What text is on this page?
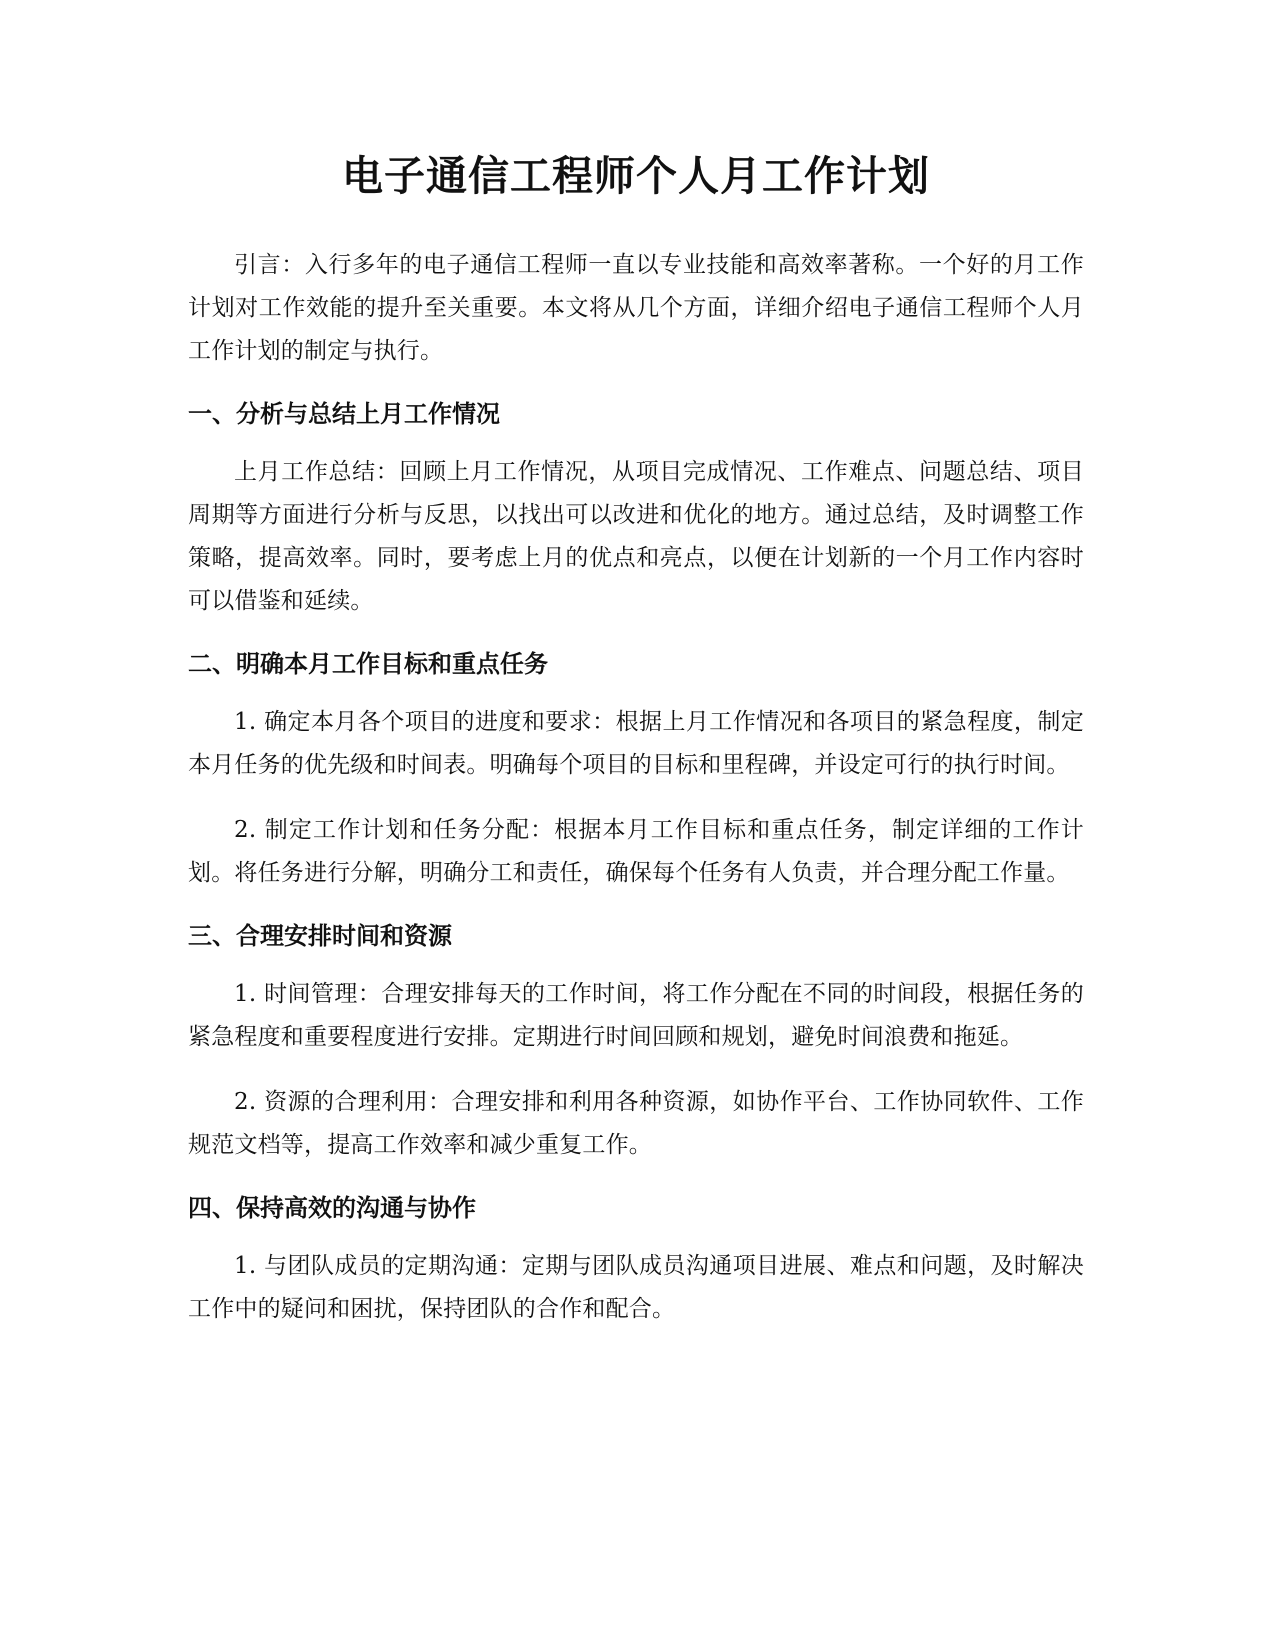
电子通信工程师个人月工作计划

引言：入行多年的电子通信工程师一直以专业技能和高效率著称。一个好的月工作计划对工作效能的提升至关重要。本文将从几个方面，详细介绍电子通信工程师个人月工作计划的制定与执行。

一、分析与总结上月工作情况

上月工作总结：回顾上月工作情况，从项目完成情况、工作难点、问题总结、项目周期等方面进行分析与反思，以找出可以改进和优化的地方。通过总结，及时调整工作策略，提高效率。同时，要考虑上月的优点和亮点，以便在计划新的一个月工作内容时可以借鉴和延续。

二、明确本月工作目标和重点任务

1. 确定本月各个项目的进度和要求：根据上月工作情况和各项目的紧急程度，制定本月任务的优先级和时间表。明确每个项目的目标和里程碑，并设定可行的执行时间。

2. 制定工作计划和任务分配：根据本月工作目标和重点任务，制定详细的工作计划。将任务进行分解，明确分工和责任，确保每个任务有人负责，并合理分配工作量。

三、合理安排时间和资源

1. 时间管理：合理安排每天的工作时间，将工作分配在不同的时间段，根据任务的紧急程度和重要程度进行安排。定期进行时间回顾和规划，避免时间浪费和拖延。

2. 资源的合理利用：合理安排和利用各种资源，如协作平台、工作协同软件、工作规范文档等，提高工作效率和减少重复工作。

四、保持高效的沟通与协作

1. 与团队成员的定期沟通：定期与团队成员沟通项目进展、难点和问题，及时解决工作中的疑问和困扰，保持团队的合作和配合。
